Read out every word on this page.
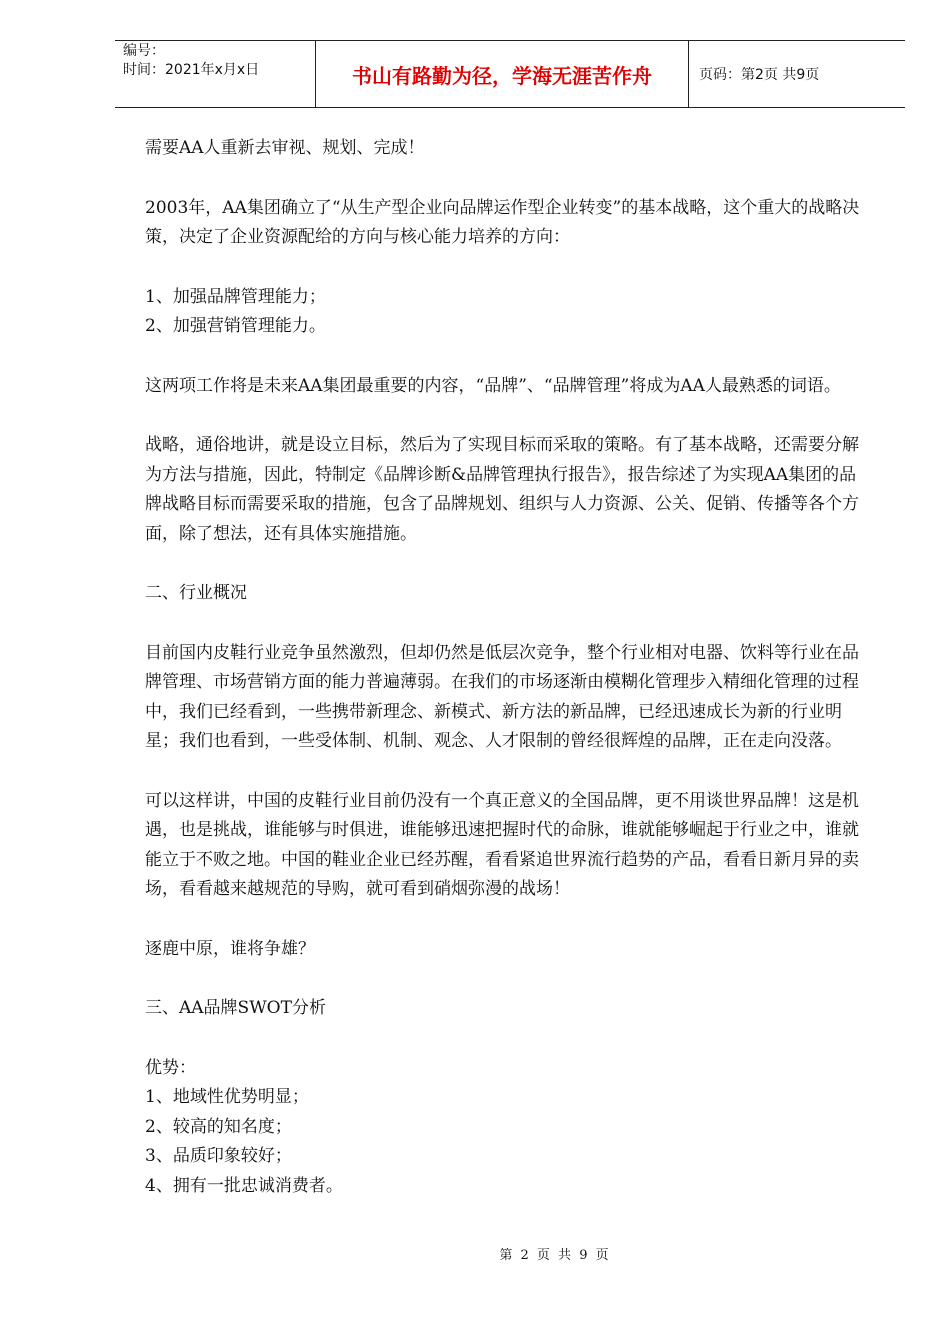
编号：
时间：2021年x月x日	书山有路勤为径，学海无涯苦作舟	页码：第2页 共9页

需要AA人重新去审视、规划、完成！

2003年，AA集团确立了“从生产型企业向品牌运作型企业转变”的基本战略，这个重大的战略决策，决定了企业资源配给的方向与核心能力培养的方向：

1、加强品牌管理能力；

2、加强营销管理能力。

这两项工作将是未来AA集团最重要的内容，“品牌”、“品牌管理”将成为AA人最熟悉的词语。

战略，通俗地讲，就是设立目标，然后为了实现目标而采取的策略。有了基本战略，还需要分解为方法与措施，因此，特制定《品牌诊断&品牌管理执行报告》，报告综述了为实现AA集团的品牌战略目标而需要采取的措施，包含了品牌规划、组织与人力资源、公关、促销、传播等各个方面，除了想法，还有具体实施措施。

二、行业概况

目前国内皮鞋行业竞争虽然激烈，但却仍然是低层次竞争，整个行业相对电器、饮料等行业在品牌管理、市场营销方面的能力普遍薄弱。在我们的市场逐渐由模糊化管理步入精细化管理的过程中，我们已经看到，一些携带新理念、新模式、新方法的新品牌，已经迅速成长为新的行业明星；我们也看到，一些受体制、机制、观念、人才限制的曾经很辉煌的品牌，正在走向没落。

可以这样讲，中国的皮鞋行业目前仍没有一个真正意义的全国品牌，更不用谈世界品牌！这是机遇，也是挑战，谁能够与时俱进，谁能够迅速把握时代的命脉，谁就能够崛起于行业之中，谁就能立于不败之地。中国的鞋业企业已经苏醒，看看紧追世界流行趋势的产品，看看日新月异的卖场，看看越来越规范的导购，就可看到硝烟弥漫的战场！

逐鹿中原，谁将争雄？

三、AA品牌SWOT分析

优势：

1、地域性优势明显；

2、较高的知名度；

3、品质印象较好；

4、拥有一批忠诚消费者。

第 2 页 共 9 页
